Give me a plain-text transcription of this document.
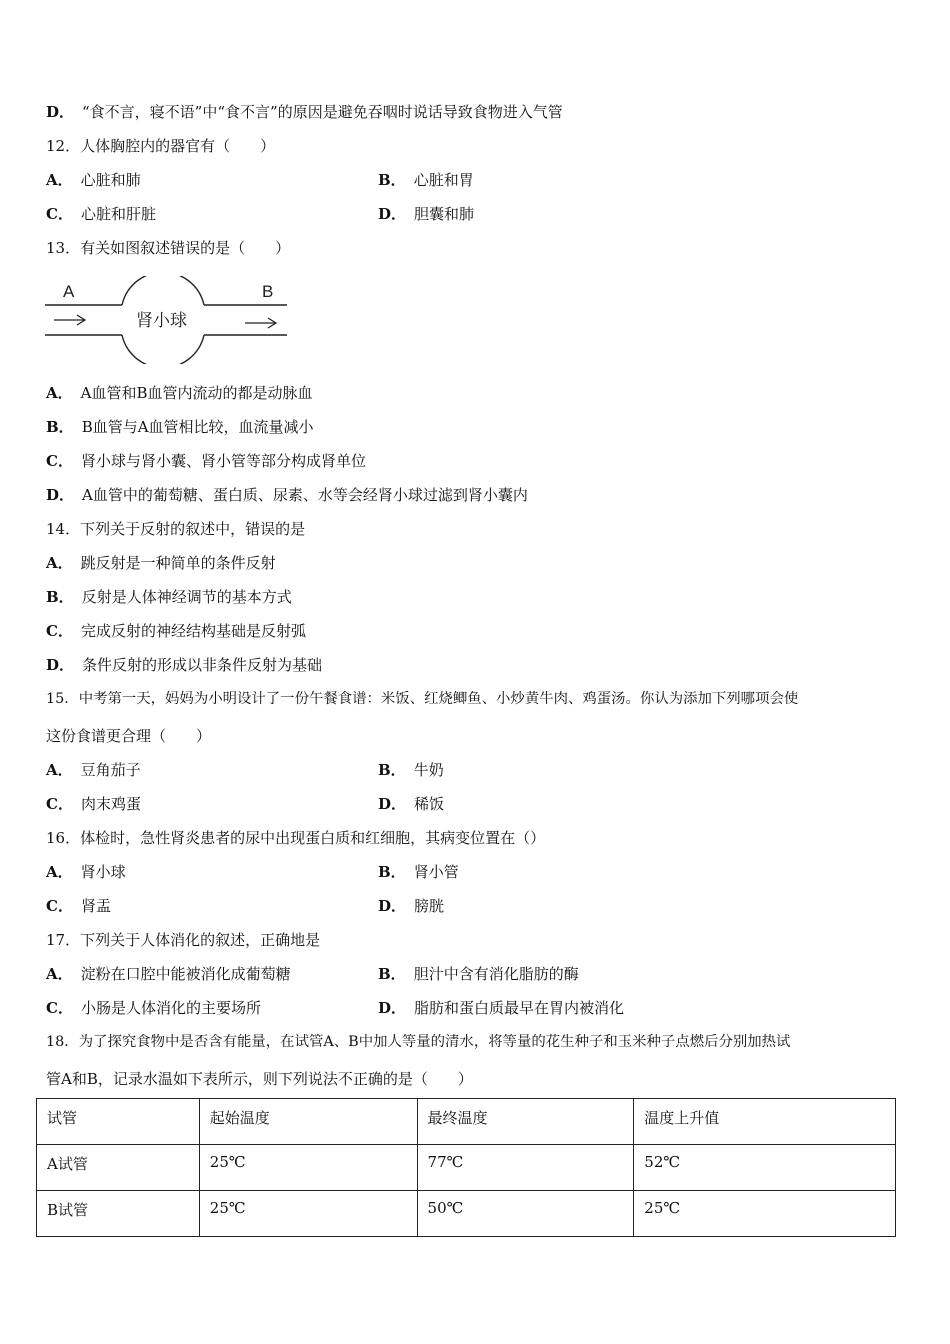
D． “食不言，寝不语”中“食不言”的原因是避免吞咽时说话导致食物进入气管
12．人体胸腔内的器官有（　　）
A． 心脏和肺	B． 心脏和胃
C． 心脏和肝脏	D． 胆囊和肺
13．有关如图叙述错误的是（　　）
A	B
肾小球
A． A血管和B血管内流动的都是动脉血
B． B血管与A血管相比较，血流量减小
C． 肾小球与肾小囊、肾小管等部分构成肾单位
D． A血管中的葡萄糖、蛋白质、尿素、水等会经肾小球过滤到肾小囊内
14．下列关于反射的叙述中，错误的是
A． 跳反射是一种简单的条件反射
B． 反射是人体神经调节的基本方式
C． 完成反射的神经结构基础是反射弧
D． 条件反射的形成以非条件反射为基础
15．中考第一天，妈妈为小明设计了一份午餐食谱：米饭、红烧鲫鱼、小炒黄牛肉、鸡蛋汤。你认为添加下列哪项会使
这份食谱更合理（　　）
A． 豆角茄子	B． 牛奶
C． 肉末鸡蛋	D． 稀饭
16．体检时，急性肾炎患者的尿中出现蛋白质和红细胞，其病变位置在（）
A． 肾小球	B． 肾小管
C． 肾盂	D． 膀胱
17．下列关于人体消化的叙述，正确地是
A． 淀粉在口腔中能被消化成葡萄糖	B． 胆汁中含有消化脂肪的酶
C． 小肠是人体消化的主要场所	D． 脂肪和蛋白质最早在胃内被消化
18．为了探究食物中是否含有能量，在试管A、B中加人等量的清水，将等量的花生种子和玉米种子点燃后分别加热试
管A和B，记录水温如下表所示，则下列说法不正确的是（　　）
试管	起始温度	最终温度	温度上升值
A试管	25℃	77℃	52℃
B试管	25℃	50℃	25℃
